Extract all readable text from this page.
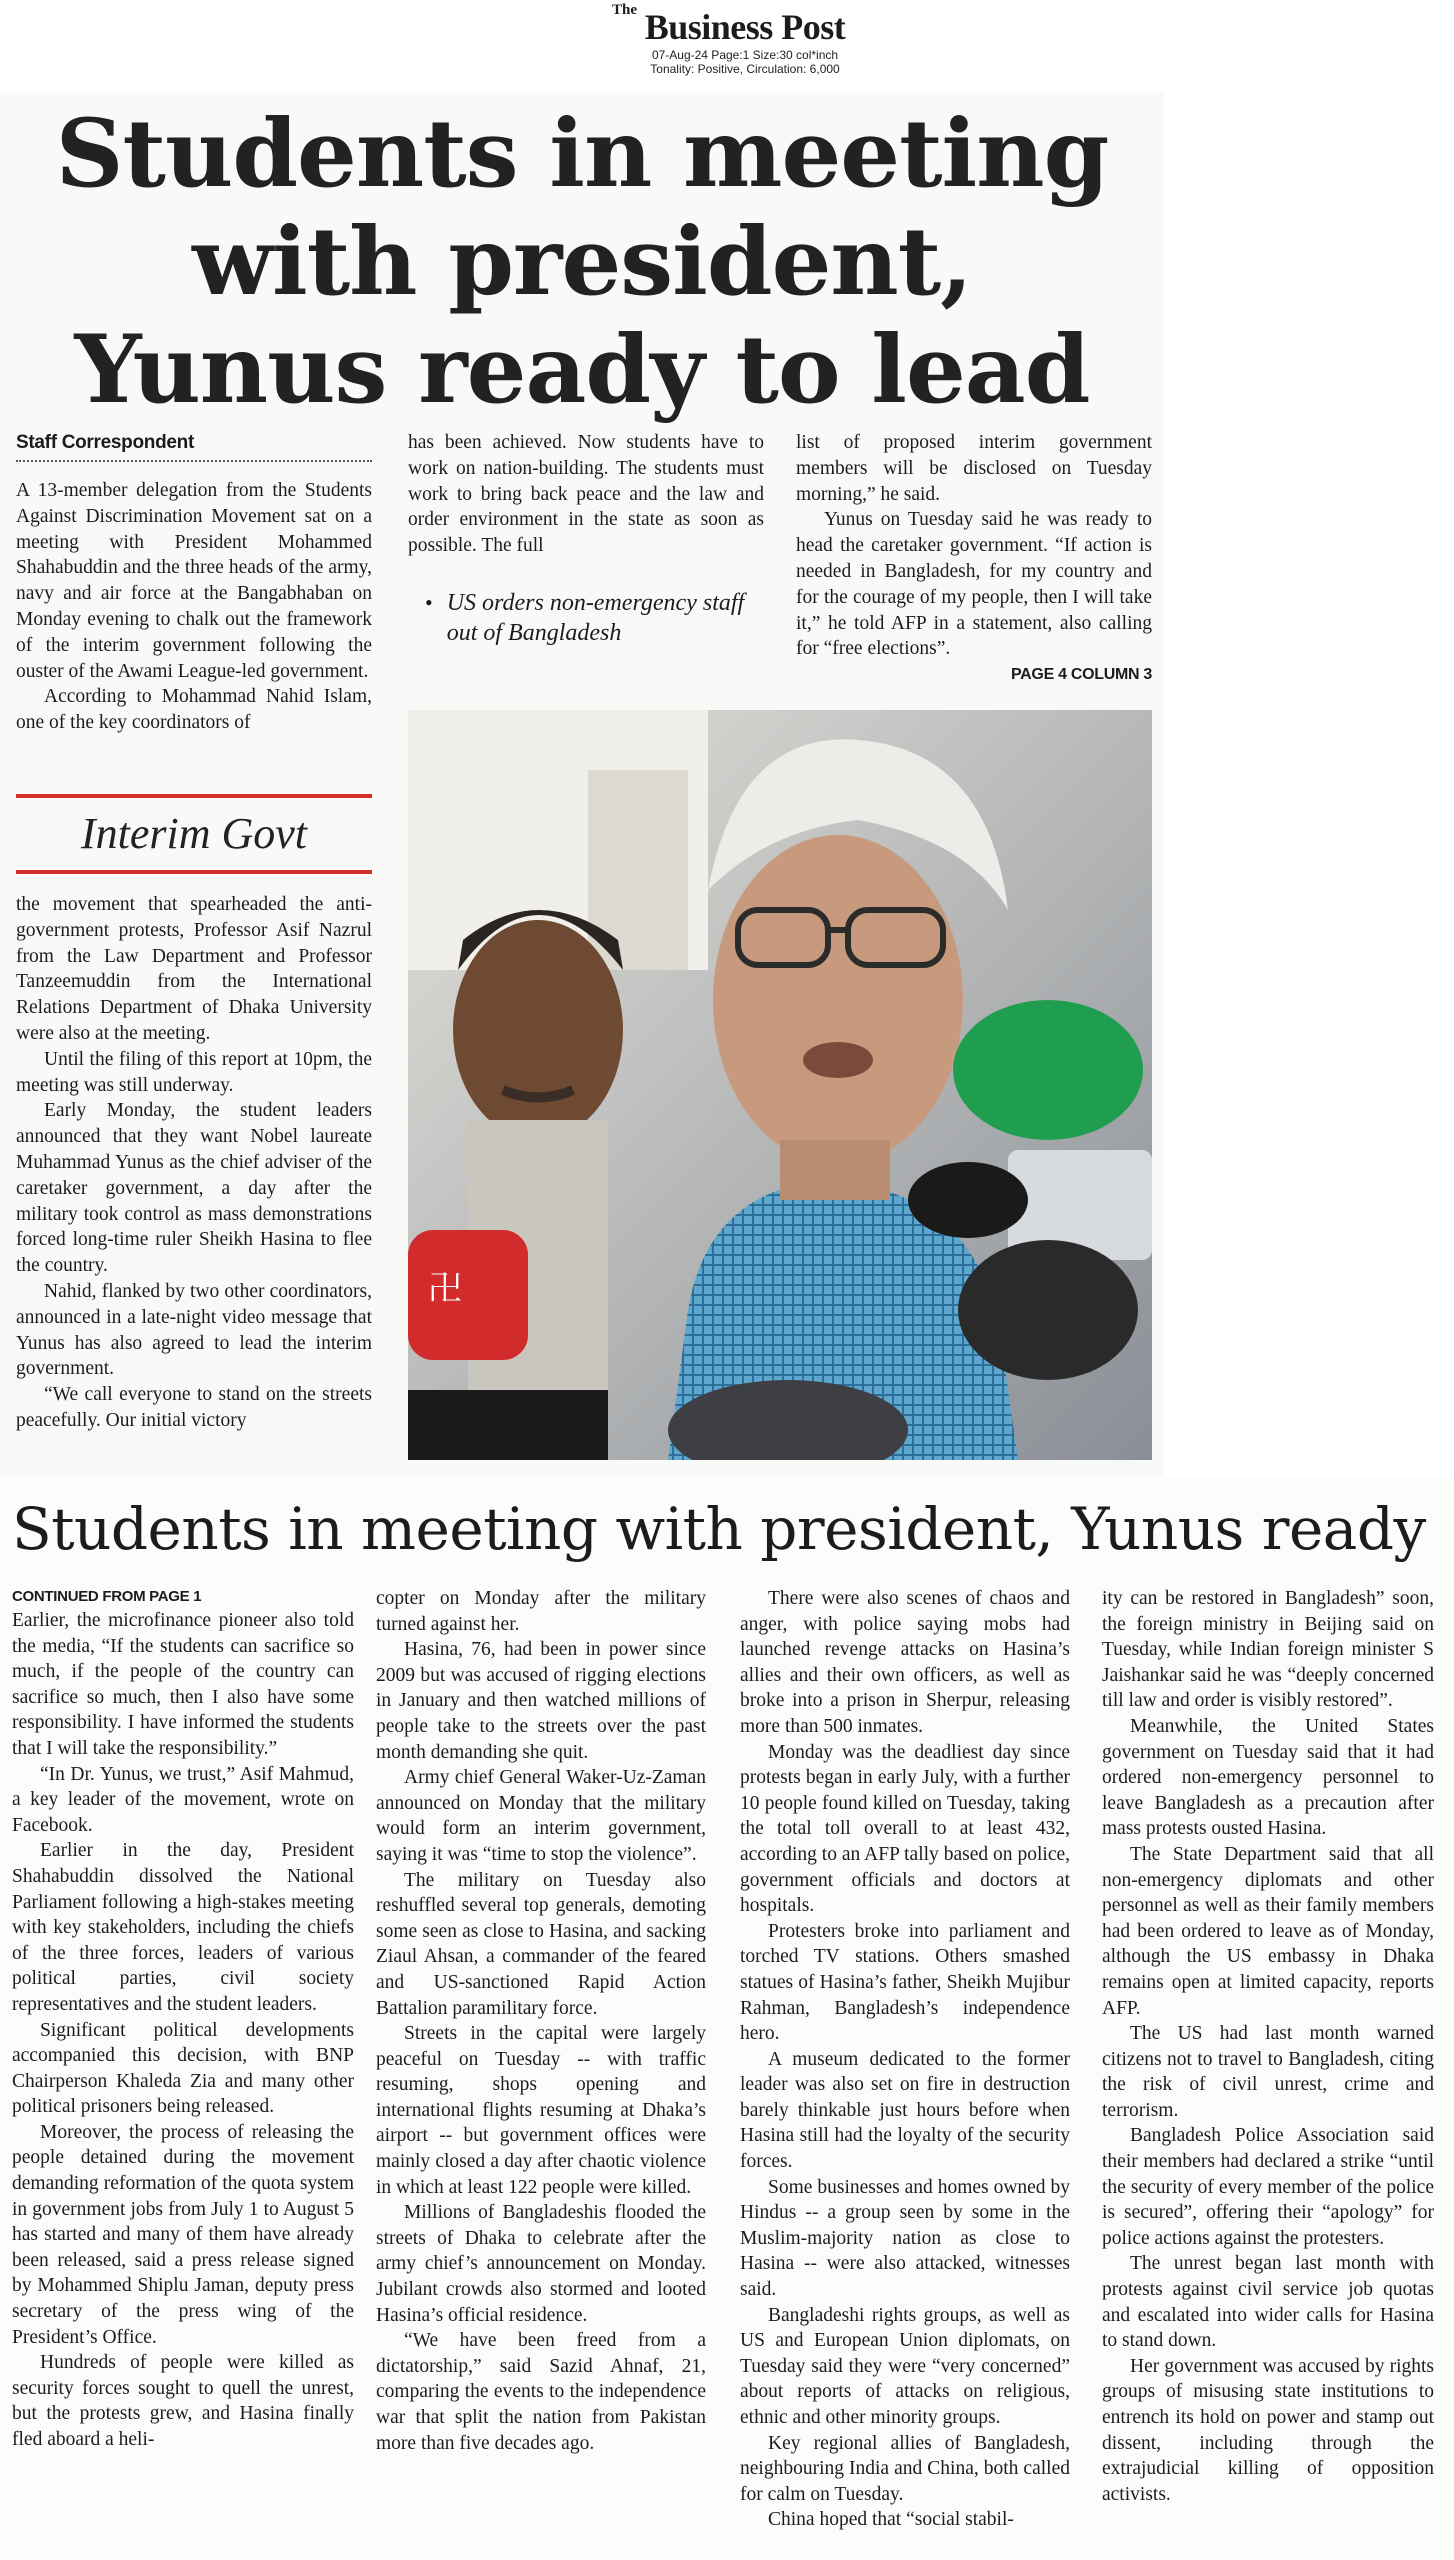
The Business Post
07-Aug-24 Page:1 Size:30 col*inch
Tonality: Positive, Circulation: 6,000
Students in meeting
with president,
Yunus ready to lead
Staff Correspondent

A 13-member delegation from the Students Against Discrimination Movement sat on a meeting with President Mohammed Shahabuddin and the three heads of the army, navy and air force at the Bangabhaban on Monday evening to chalk out the framework of the interim government following the ouster of the Awami League-led government.

According to Mohammad Nahid Islam, one of the key coordinators of

Interim Govt

the movement that spearheaded the anti-government protests, Professor Asif Nazrul from the Law Department and Professor Tanzeemuddin from the International Relations Department of Dhaka University were also at the meeting.

Until the filing of this report at 10pm, the meeting was still underway.

Early Monday, the student leaders announced that they want Nobel laureate Muhammad Yunus as the chief adviser of the caretaker government, a day after the military took control as mass demonstrations forced long-time ruler Sheikh Hasina to flee the country.

Nahid, flanked by two other coordinators, announced in a late-night video message that Yunus has also agreed to lead the interim government.

“We call everyone to stand on the streets peacefully. Our initial victory

has been achieved. Now students have to work on nation-building. The students must work to bring back peace and the law and order environment in the state as soon as possible. The full

• US orders non-emergency staff out of Bangladesh

list of proposed interim government members will be disclosed on Tuesday morning,” he said.

Yunus on Tuesday said he was ready to head the caretaker government. “If action is needed in Bangladesh, for my country and for the courage of my people, then I will take it,” he told AFP in a statement, also calling for “free elections”.

PAGE 4 COLUMN 3
卍
Students in meeting with president, Yunus ready
CONTINUED FROM PAGE 1

Earlier, the microfinance pioneer also told the media, “If the students can sacrifice so much, if the people of the country can sacrifice so much, then I also have some responsibility. I have informed the students that I will take the responsibility.”

“In Dr. Yunus, we trust,” Asif Mahmud, a key leader of the movement, wrote on Facebook.

Earlier in the day, President Shahabuddin dissolved the National Parliament following a high-stakes meeting with key stakeholders, including the chiefs of the three forces, leaders of various political parties, civil society representatives and the student leaders.

Significant political developments accompanied this decision, with BNP Chairperson Khaleda Zia and many other political prisoners being released.

Moreover, the process of releasing the people detained during the movement demanding reformation of the quota system in government jobs from July 1 to August 5 has started and many of them have already been released, said a press release signed by Mohammed Shiplu Jaman, deputy press secretary of the press wing of the President’s Office.

Hundreds of people were killed as security forces sought to quell the unrest, but the protests grew, and Hasina finally fled aboard a heli-

copter on Monday after the military turned against her.

Hasina, 76, had been in power since 2009 but was accused of rigging elections in January and then watched millions of people take to the streets over the past month demanding she quit.

Army chief General Waker-Uz-Zaman announced on Monday that the military would form an interim government, saying it was “time to stop the violence”.

The military on Tuesday also reshuffled several top generals, demoting some seen as close to Hasina, and sacking Ziaul Ahsan, a commander of the feared and US-sanctioned Rapid Action Battalion paramilitary force.

Streets in the capital were largely peaceful on Tuesday -- with traffic resuming, shops opening and international flights resuming at Dhaka’s airport -- but government offices were mainly closed a day after chaotic violence in which at least 122 people were killed.

Millions of Bangladeshis flooded the streets of Dhaka to celebrate after the army chief’s announcement on Monday. Jubilant crowds also stormed and looted Hasina’s official residence.

“We have been freed from a dictatorship,” said Sazid Ahnaf, 21, comparing the events to the independence war that split the nation from Pakistan more than five decades ago.

There were also scenes of chaos and anger, with police saying mobs had launched revenge attacks on Hasina’s allies and their own officers, as well as broke into a prison in Sherpur, releasing more than 500 inmates.

Monday was the deadliest day since protests began in early July, with a further 10 people found killed on Tuesday, taking the total toll overall to at least 432, according to an AFP tally based on police, government officials and doctors at hospitals.

Protesters broke into parliament and torched TV stations. Others smashed statues of Hasina’s father, Sheikh Mujibur Rahman, Bangladesh’s independence hero.

A museum dedicated to the former leader was also set on fire in destruction barely thinkable just hours before when Hasina still had the loyalty of the security forces.

Some businesses and homes owned by Hindus -- a group seen by some in the Muslim-majority nation as close to Hasina -- were also attacked, witnesses said.

Bangladeshi rights groups, as well as US and European Union diplomats, on Tuesday said they were “very concerned” about reports of attacks on religious, ethnic and other minority groups.

Key regional allies of Bangladesh, neighbouring India and China, both called for calm on Tuesday.

China hoped that “social stabil-

ity can be restored in Bangladesh” soon, the foreign ministry in Beijing said on Tuesday, while Indian foreign minister S Jaishankar said he was “deeply concerned till law and order is visibly restored”.

Meanwhile, the United States government on Tuesday said that it had ordered non-emergency personnel to leave Bangladesh as a precaution after mass protests ousted Hasina.

The State Department said that all non-emergency diplomats and other personnel as well as their family members had been ordered to leave as of Monday, although the US embassy in Dhaka remains open at limited capacity, reports AFP.

The US had last month warned citizens not to travel to Bangladesh, citing the risk of civil unrest, crime and terrorism.

Bangladesh Police Association said their members had declared a strike “until the security of every member of the police is secured”, offering their “apology” for police actions against the protesters.

The unrest began last month with protests against civil service job quotas and escalated into wider calls for Hasina to stand down.

Her government was accused by rights groups of misusing state institutions to entrench its hold on power and stamp out dissent, including through the extrajudicial killing of opposition activists.
